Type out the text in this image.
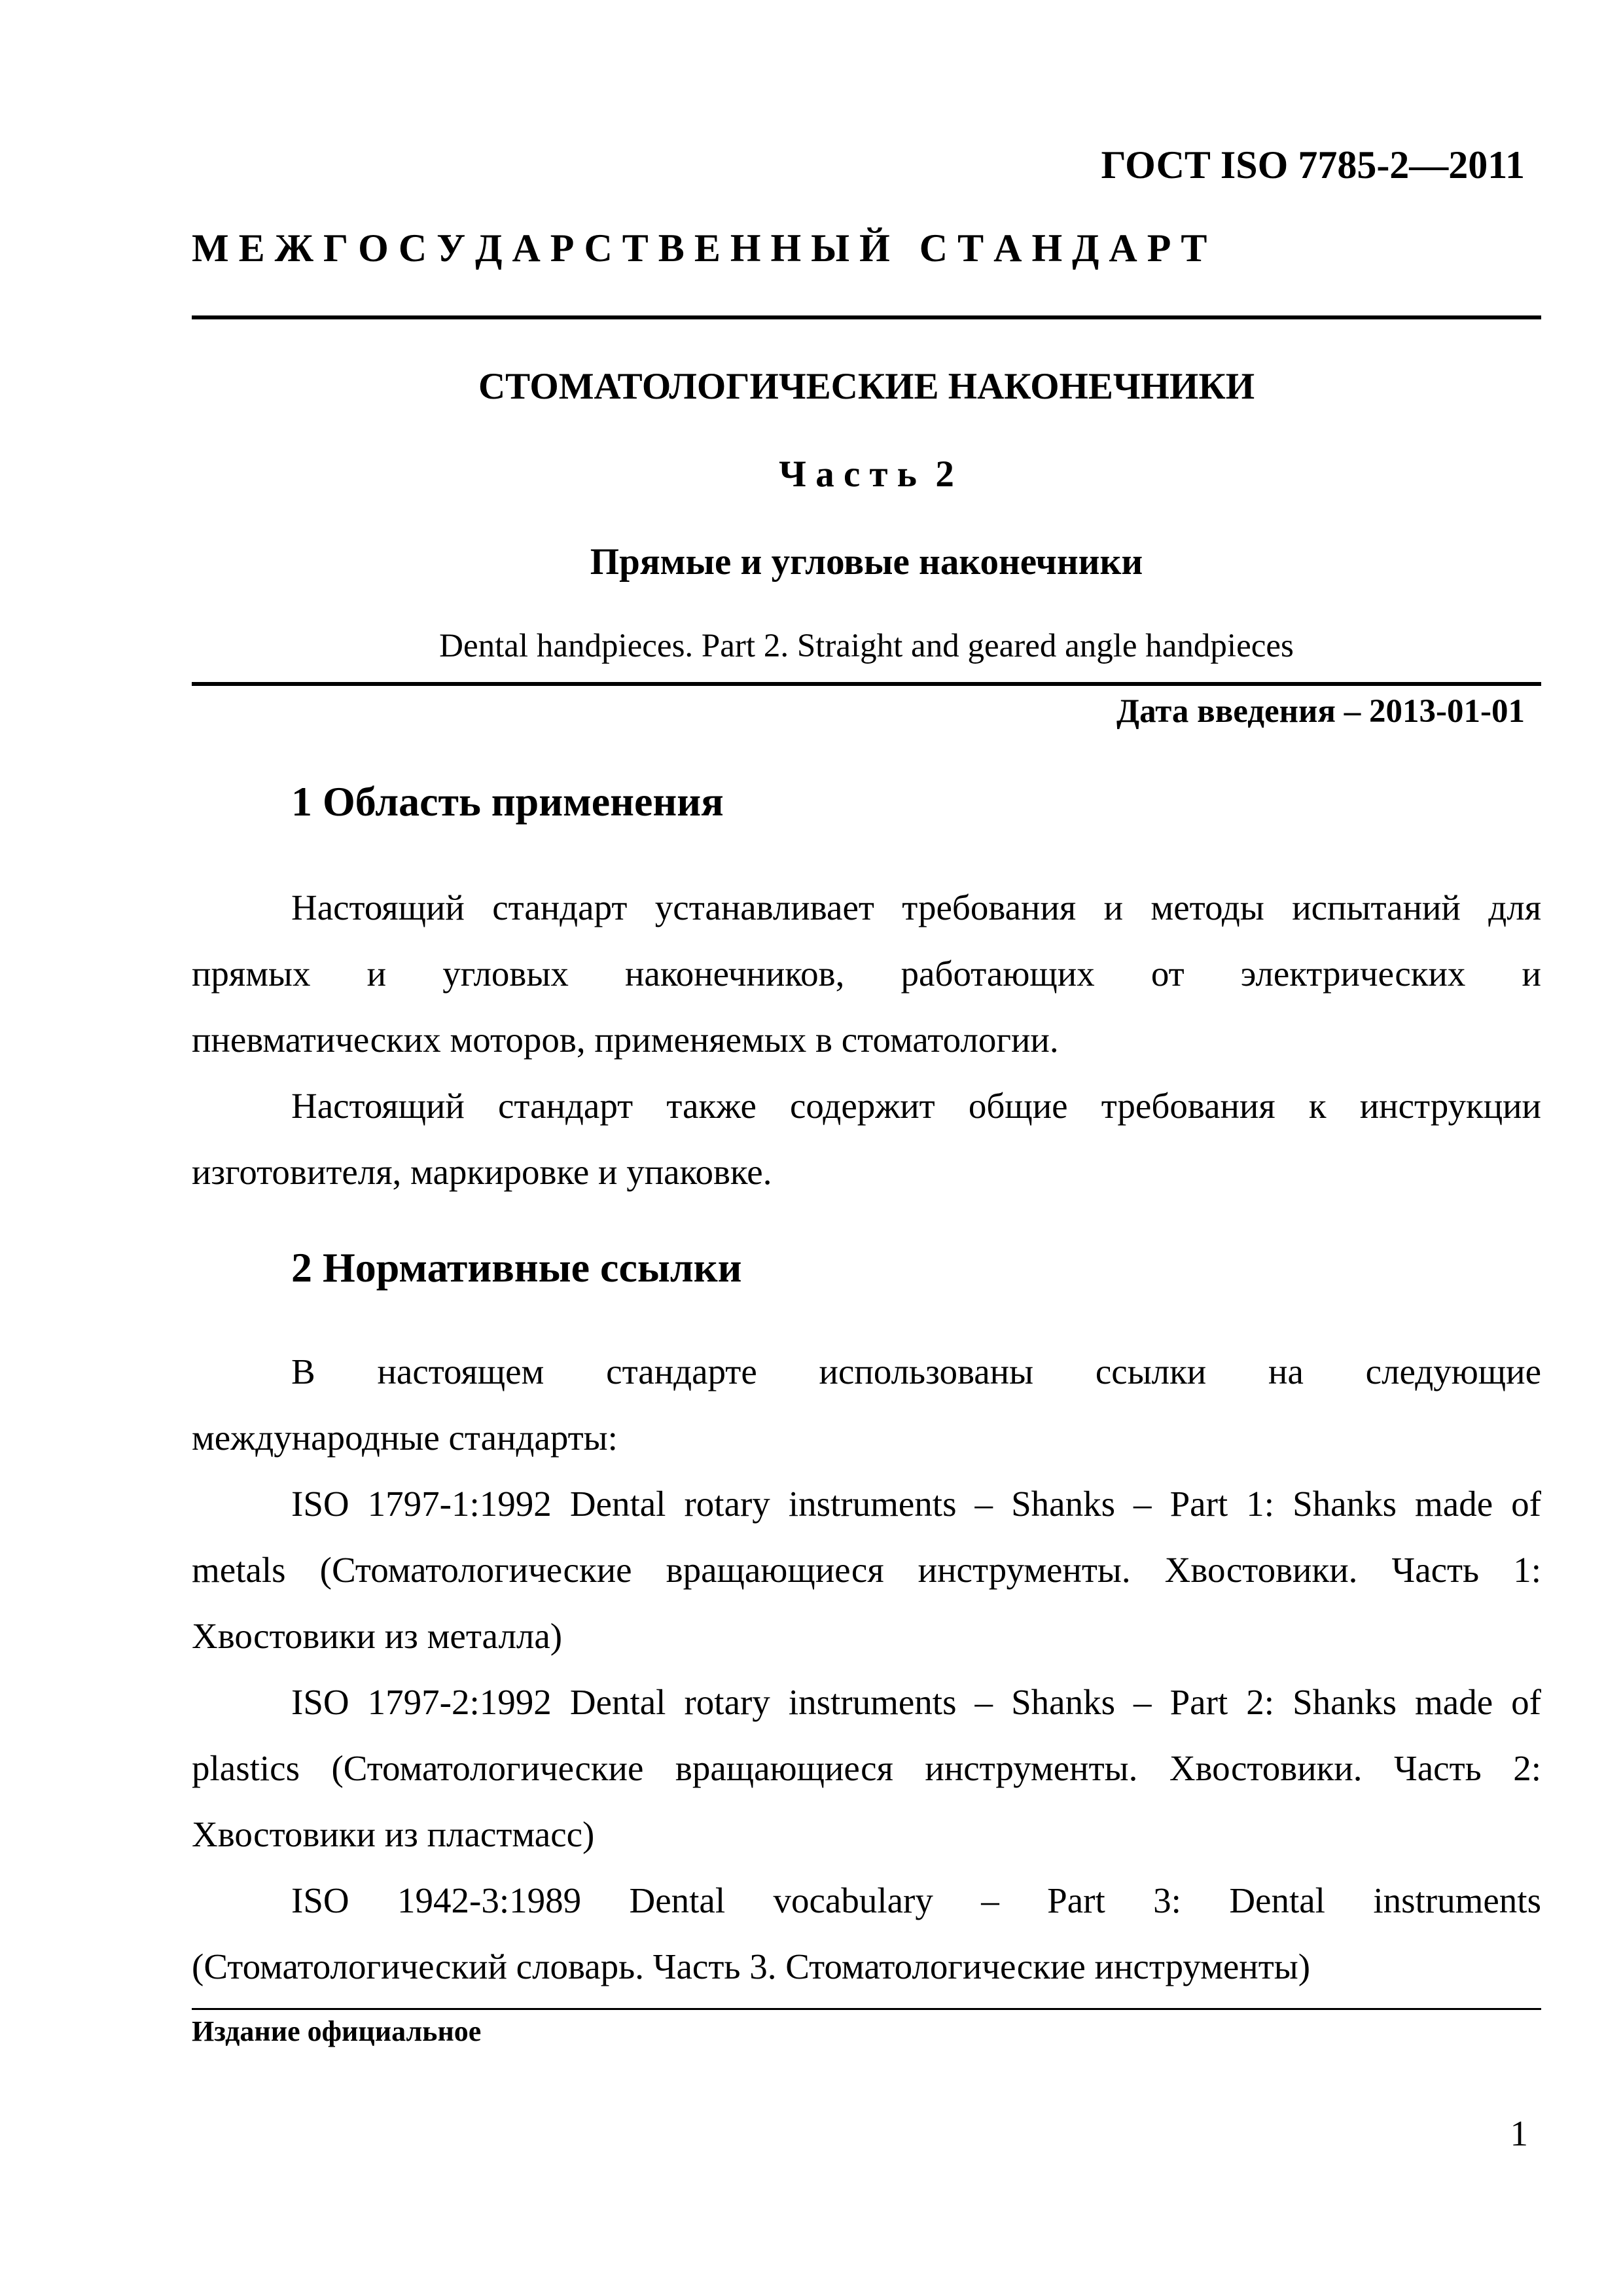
ГОСТ ISO 7785-2—2011
М Е Ж Г О С У Д А Р С Т В Е Н Н Ы Й   С Т А Н Д А Р Т
СТОМАТОЛОГИЧЕСКИЕ НАКОНЕЧНИКИ
Ч а с т ь  2
Прямые и угловые наконечники
Dental handpieces. Part 2. Straight and geared angle handpieces
Дата введения – 2013-01-01
1 Область применения
Настоящий стандарт устанавливает требования и методы испытаний для
прямых и угловых наконечников, работающих от электрических и
пневматических моторов, применяемых в стоматологии.
Настоящий стандарт также содержит общие требования к инструкции
изготовителя, маркировке и упаковке.
2 Нормативные ссылки
В настоящем стандарте использованы ссылки на следующие
международные стандарты:
ISO 1797-1:1992 Dental rotary instruments – Shanks – Part 1: Shanks made of
metals (Стоматологические вращающиеся инструменты. Хвостовики. Часть 1:
Хвостовики из металла)
ISO 1797-2:1992 Dental rotary instruments – Shanks – Part 2: Shanks made of
plastics (Стоматологические вращающиеся инструменты. Хвостовики. Часть 2:
Хвостовики из пластмасс)
ISO 1942-3:1989 Dental vocabulary – Part 3: Dental instruments
(Стоматологический словарь. Часть 3. Стоматологические инструменты)
Издание официальное
1
